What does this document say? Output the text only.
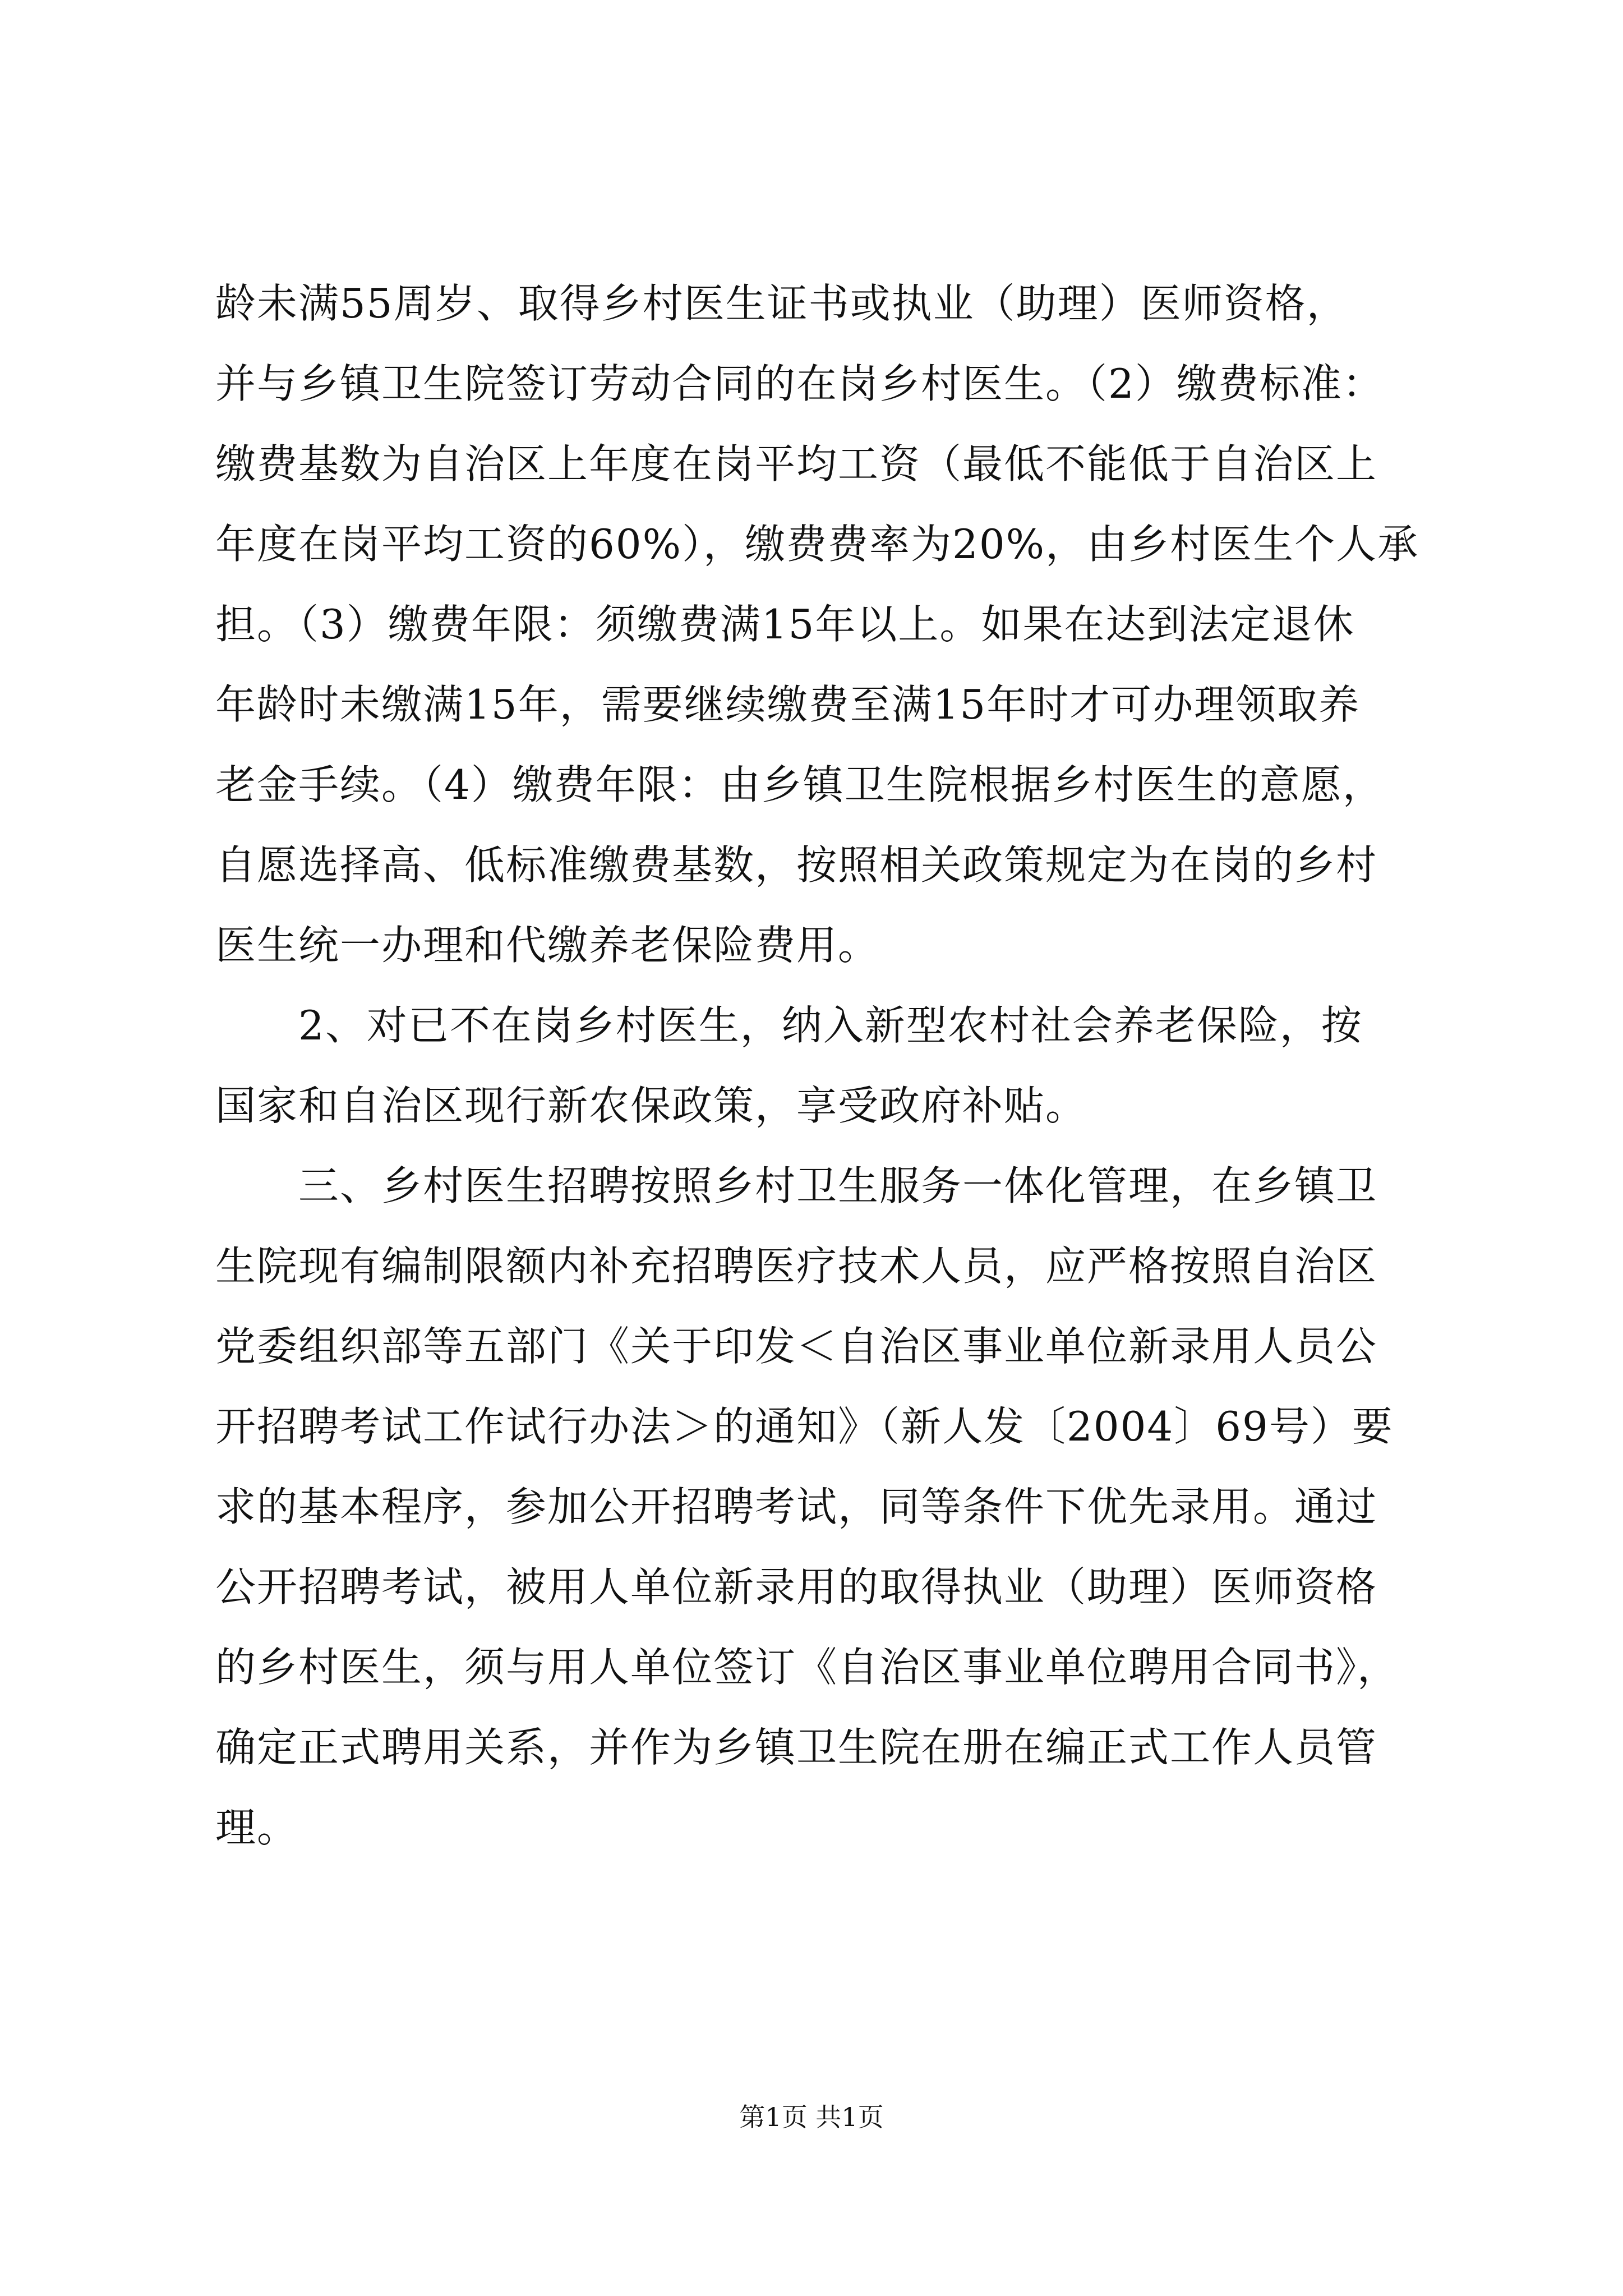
龄未满55周岁、取得乡村医生证书或执业（助理）医师资格，
并与乡镇卫生院签订劳动合同的在岗乡村医生。（2）缴费标准：
缴费基数为自治区上年度在岗平均工资（最低不能低于自治区上
年度在岗平均工资的60%），缴费费率为20%，由乡村医生个人承
担。（3）缴费年限：须缴费满15年以上。如果在达到法定退休
年龄时未缴满15年，需要继续缴费至满15年时才可办理领取养
老金手续。（4）缴费年限：由乡镇卫生院根据乡村医生的意愿，
自愿选择高、低标准缴费基数，按照相关政策规定为在岗的乡村
医生统一办理和代缴养老保险费用。
　　2、对已不在岗乡村医生，纳入新型农村社会养老保险，按
国家和自治区现行新农保政策，享受政府补贴。
　　三、乡村医生招聘按照乡村卫生服务一体化管理，在乡镇卫
生院现有编制限额内补充招聘医疗技术人员，应严格按照自治区
党委组织部等五部门《关于印发＜自治区事业单位新录用人员公
开招聘考试工作试行办法＞的通知》（新人发〔2004〕69号）要
求的基本程序，参加公开招聘考试，同等条件下优先录用。通过
公开招聘考试，被用人单位新录用的取得执业（助理）医师资格
的乡村医生，须与用人单位签订《自治区事业单位聘用合同书》，
确定正式聘用关系，并作为乡镇卫生院在册在编正式工作人员管
理。
第1页 共1页
